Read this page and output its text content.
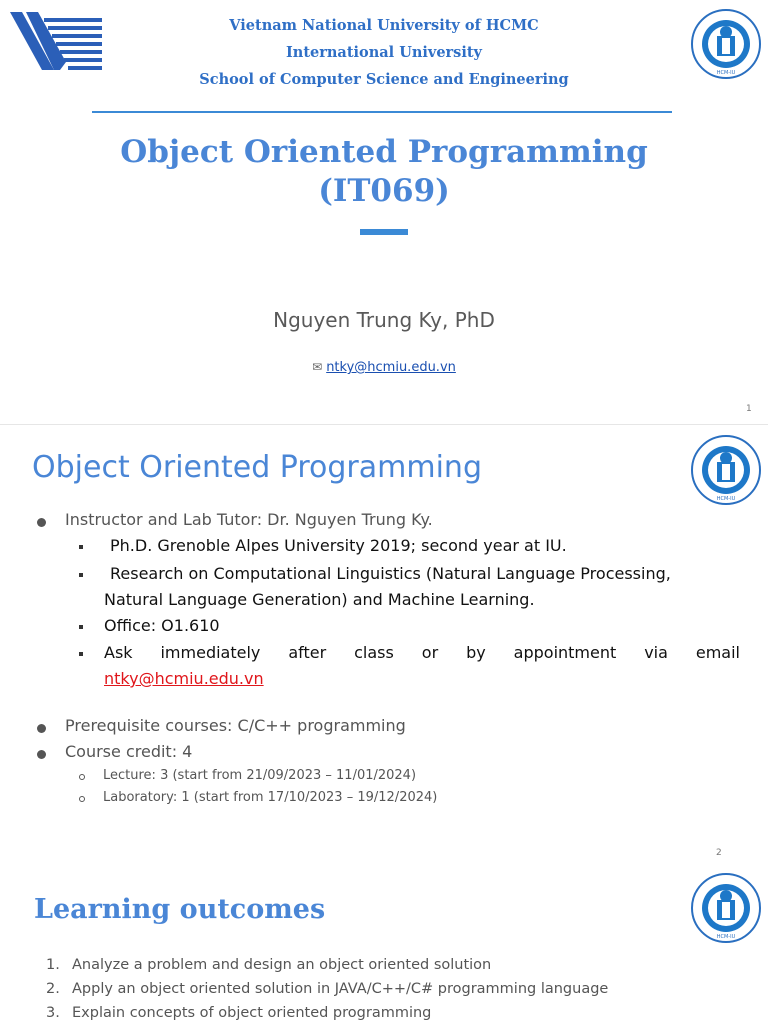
Vietnam National University of HCMC
International University
School of Computer Science and Engineering	HCM-IU
Object Oriented Programming
(IT069)
Nguyen Trung Ky, PhD
✉ ntky@hcmiu.edu.vn
1
Object Oriented Programming
HCM-IU
Instructor and Lab Tutor: Dr. Nguyen Trung Ky.
Ph.D. Grenoble Alpes University 2019; second year at IU.
Research on Computational Linguistics (Natural Language Processing,
Natural Language Generation) and Machine Learning.
Office: O1.610
Ask immediately after class or by appointment via email
ntky@hcmiu.edu.vn
Prerequisite courses: C/C++ programming
Course credit: 4
Lecture: 3 (start from 21/09/2023 – 11/01/2024)
Laboratory: 1 (start from 17/10/2023 – 19/12/2024)
2
Learning outcomes
HCM-IU
1. Analyze a problem and design an object oriented solution
2. Apply an object oriented solution in JAVA/C++/C# programming language
3. Explain concepts of object oriented programming
